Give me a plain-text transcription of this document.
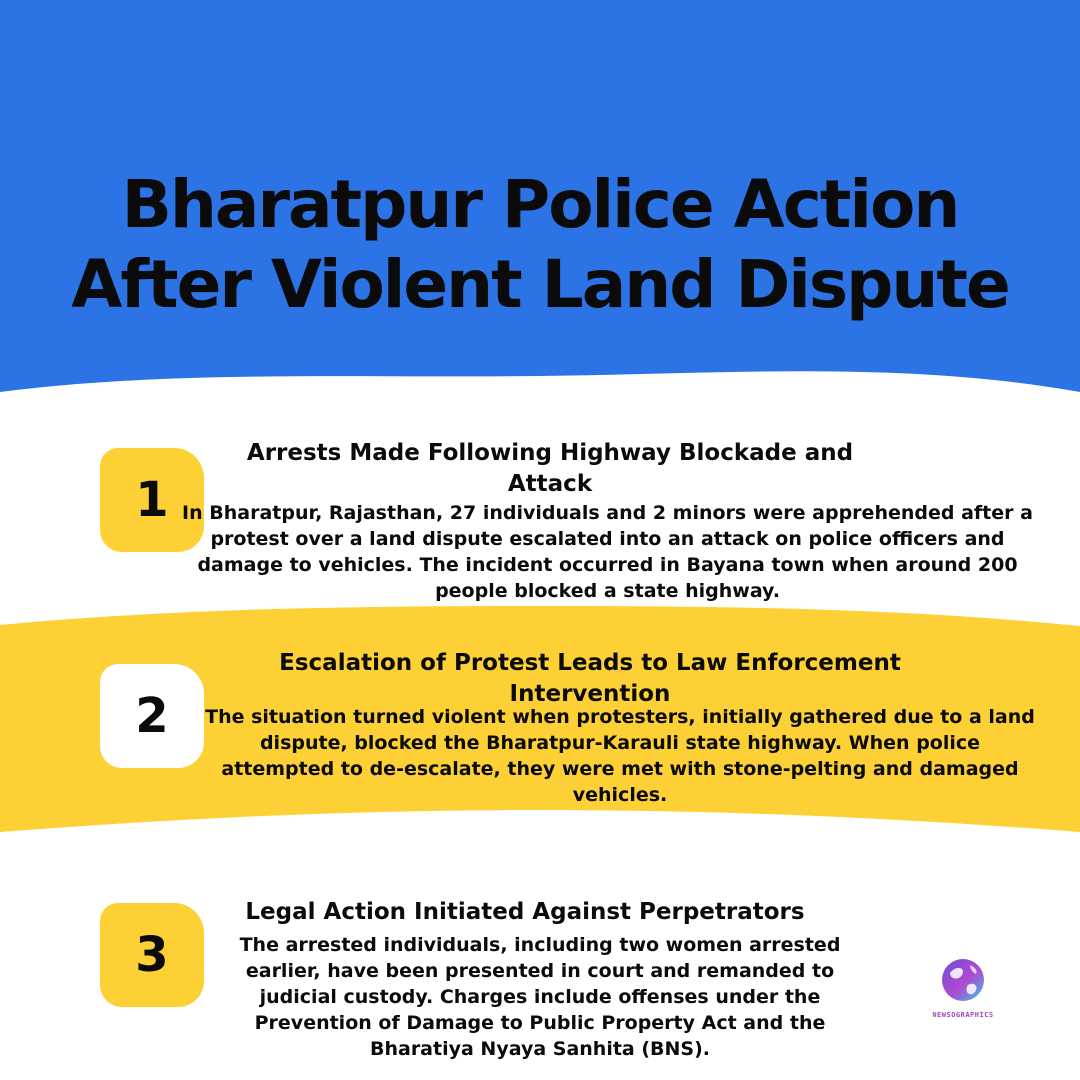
Bharatpur Police Action After Violent Land Dispute
1
Arrests Made Following Highway Blockade and Attack

In Bharatpur, Rajasthan, 27 individuals and 2 minors were apprehended after a protest over a land dispute escalated into an attack on police officers and damage to vehicles. The incident occurred in Bayana town when around 200 people blocked a state highway.

2
Escalation of Protest Leads to Law Enforcement Intervention

The situation turned violent when protesters, initially gathered due to a land dispute, blocked the Bharatpur-Karauli state highway. When police attempted to de-escalate, they were met with stone-pelting and damaged vehicles.

3
Legal Action Initiated Against Perpetrators

The arrested individuals, including two women arrested earlier, have been presented in court and remanded to judicial custody. Charges include offenses under the Prevention of Damage to Public Property Act and the Bharatiya Nyaya Sanhita (BNS).

NEWSOGRAPHICS
